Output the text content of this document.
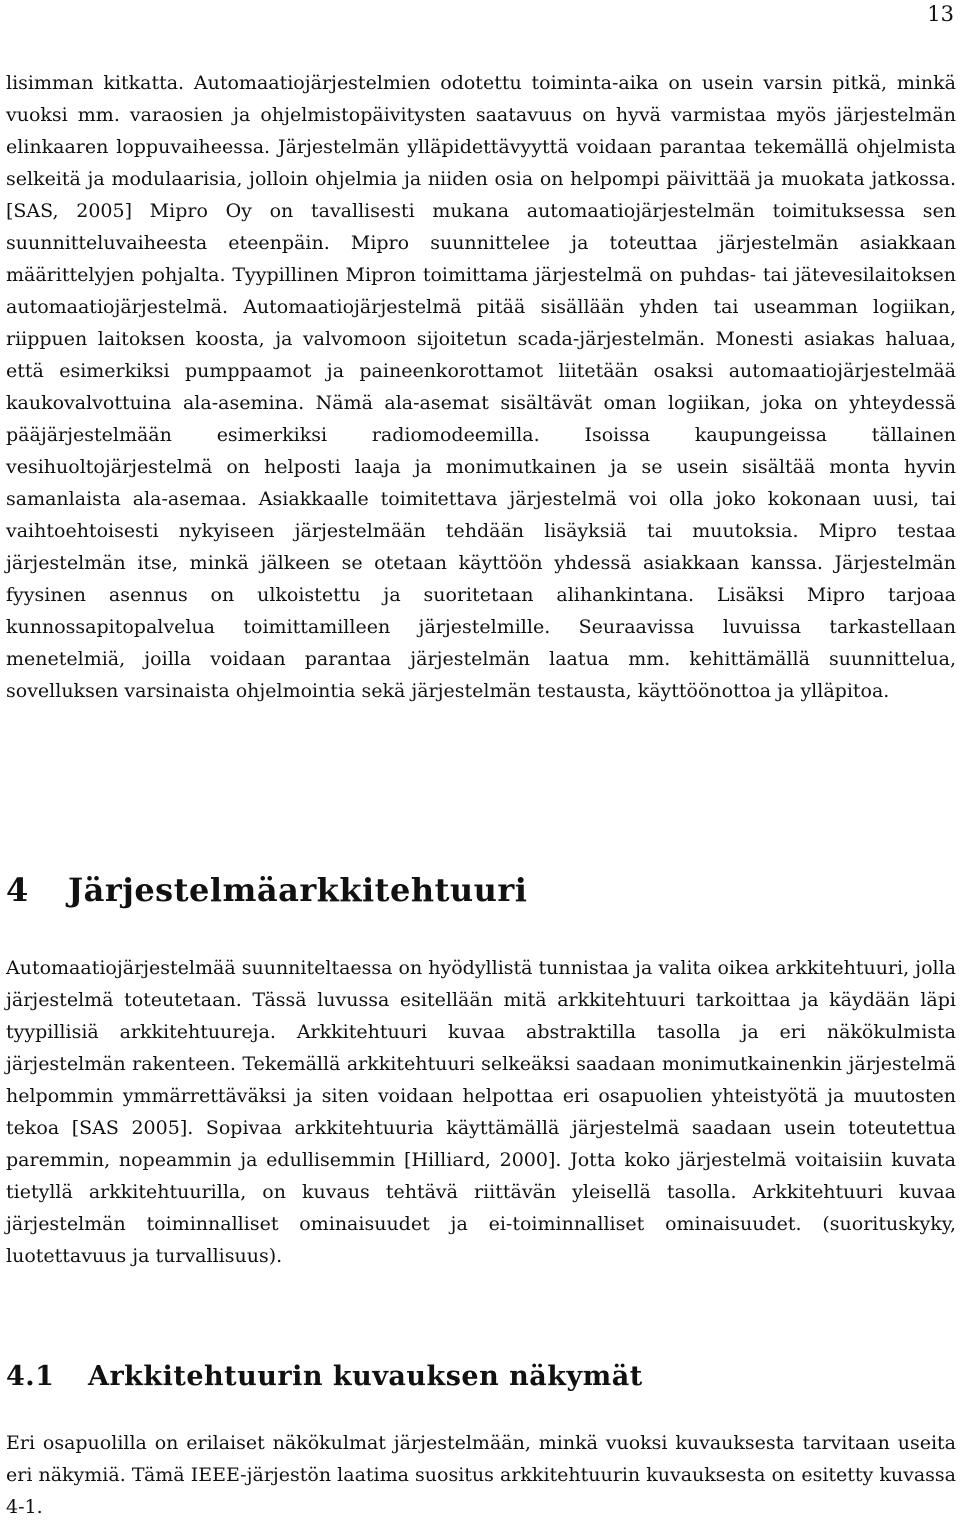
13

lisimman kitkatta. Automaatiojärjestelmien odotettu toiminta-aika on usein varsin pitkä, minkä vuoksi mm. varaosien ja ohjelmistopäivitysten saatavuus on hyvä varmistaa myös järjestelmän elinkaaren loppuvaiheessa. Järjestelmän ylläpidettävyyttä voidaan parantaa tekemällä ohjelmista selkeitä ja modulaarisia, jolloin ohjelmia ja niiden osia on helpompi päivittää ja muokata jatkossa. [SAS, 2005] Mipro Oy on tavallisesti mukana automaatiojärjestelmän toimituksessa sen suunnitteluvaiheesta eteenpäin. Mipro suunnittelee ja toteuttaa järjestelmän asiakkaan määrittelyjen pohjalta. Tyypillinen Mipron toimittama järjestelmä on puhdas- tai jätevesilaitoksen automaatiojärjestelmä. Automaatiojärjestelmä pitää sisällään yhden tai useamman logiikan, riippuen laitoksen koosta, ja valvomoon sijoitetun scada-järjestelmän. Monesti asiakas haluaa, että esimerkiksi pumppaamot ja paineenkorottamot liitetään osaksi automaatiojärjestelmää kaukovalvottuina ala-asemina. Nämä ala-asemat sisältävät oman logiikan, joka on yhteydessä pääjärjestelmään esimerkiksi radiomodeemilla. Isoissa kaupungeissa tällainen vesihuoltojärjestelmä on helposti laaja ja monimutkainen ja se usein sisältää monta hyvin samanlaista ala-asemaa. Asiakkaalle toimitettava järjestelmä voi olla joko kokonaan uusi, tai vaihtoehtoisesti nykyiseen järjestelmään tehdään lisäyksiä tai muutoksia. Mipro testaa järjestelmän itse, minkä jälkeen se otetaan käyttöön yhdessä asiakkaan kanssa. Järjestelmän fyysinen asennus on ulkoistettu ja suoritetaan alihankintana. Lisäksi Mipro tarjoaa kunnossapitopalvelua toimittamilleen järjestelmille. Seuraavissa luvuissa tarkastellaan menetelmiä, joilla voidaan parantaa järjestelmän laatua mm. kehittämällä suunnittelua, sovelluksen varsinaista ohjelmointia sekä järjestelmän testausta, käyttöönottoa ja ylläpitoa.

4 Järjestelmäarkkitehtuuri

Automaatiojärjestelmää suunniteltaessa on hyödyllistä tunnistaa ja valita oikea arkkitehtuuri, jolla järjestelmä toteutetaan. Tässä luvussa esitellään mitä arkkitehtuuri tarkoittaa ja käydään läpi tyypillisiä arkkitehtuureja. Arkkitehtuuri kuvaa abstraktilla tasolla ja eri näkökulmista järjestelmän rakenteen. Tekemällä arkkitehtuuri selkeäksi saadaan monimutkainenkin järjestelmä helpommin ymmärrettäväksi ja siten voidaan helpottaa eri osapuolien yhteistyötä ja muutosten tekoa [SAS 2005]. Sopivaa arkkitehtuuria käyttämällä järjestelmä saadaan usein toteutettua paremmin, nopeammin ja edullisemmin [Hilliard, 2000]. Jotta koko järjestelmä voitaisiin kuvata tietyllä arkkitehtuurilla, on kuvaus tehtävä riittävän yleisellä tasolla. Arkkitehtuuri kuvaa järjestelmän toiminnalliset ominaisuudet ja ei-toiminnalliset ominaisuudet. (suorituskyky, luotettavuus ja turvallisuus).

4.1 Arkkitehtuurin kuvauksen näkymät

Eri osapuolilla on erilaiset näkökulmat järjestelmään, minkä vuoksi kuvauksesta tarvitaan useita eri näkymiä. Tämä IEEE-järjestön laatima suositus arkkitehtuurin kuvauksesta on esitetty kuvassa 4-1.
